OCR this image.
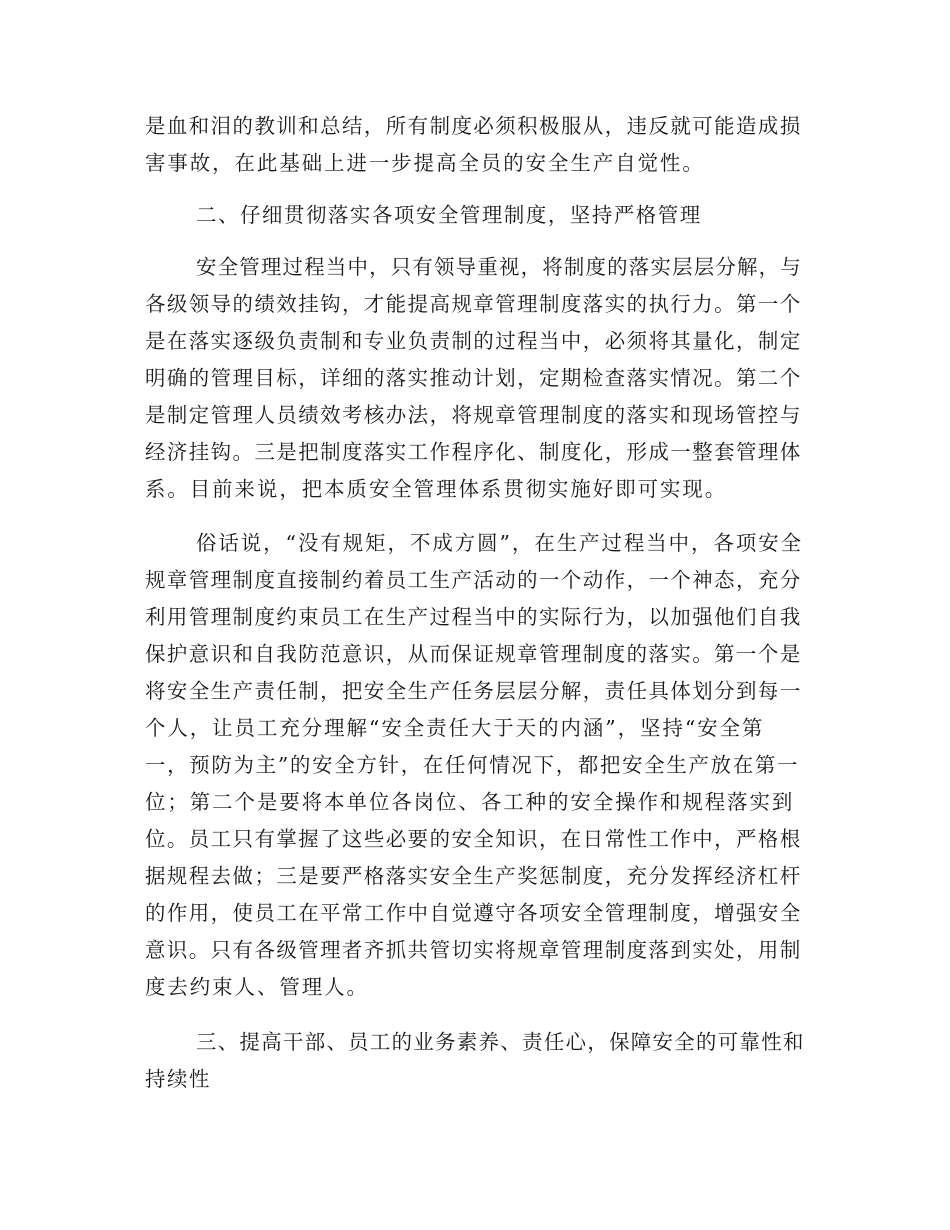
是血和泪的教训和总结，所有制度必须积极服从，违反就可能造成损
害事故，在此基础上进一步提高全员的安全生产自觉性。
二、仔细贯彻落实各项安全管理制度，坚持严格管理
安全管理过程当中，只有领导重视，将制度的落实层层分解，与
各级领导的绩效挂钩，才能提高规章管理制度落实的执行力。第一个
是在落实逐级负责制和专业负责制的过程当中，必须将其量化，制定
明确的管理目标，详细的落实推动计划，定期检查落实情况。第二个
是制定管理人员绩效考核办法，将规章管理制度的落实和现场管控与
经济挂钩。三是把制度落实工作程序化、制度化，形成一整套管理体
系。目前来说，把本质安全管理体系贯彻实施好即可实现。
俗话说，“没有规矩，不成方圆”，在生产过程当中，各项安全
规章管理制度直接制约着员工生产活动的一个动作，一个神态，充分
利用管理制度约束员工在生产过程当中的实际行为，以加强他们自我
保护意识和自我防范意识，从而保证规章管理制度的落实。第一个是
将安全生产责任制，把安全生产任务层层分解，责任具体划分到每一
个人，让员工充分理解“安全责任大于天的内涵”，坚持“安全第
一，预防为主”的安全方针，在任何情况下，都把安全生产放在第一
位；第二个是要将本单位各岗位、各工种的安全操作和规程落实到
位。员工只有掌握了这些必要的安全知识，在日常性工作中，严格根
据规程去做；三是要严格落实安全生产奖惩制度，充分发挥经济杠杆
的作用，使员工在平常工作中自觉遵守各项安全管理制度，增强安全
意识。只有各级管理者齐抓共管切实将规章管理制度落到实处，用制
度去约束人、管理人。
三、提高干部、员工的业务素养、责任心，保障安全的可靠性和
持续性
